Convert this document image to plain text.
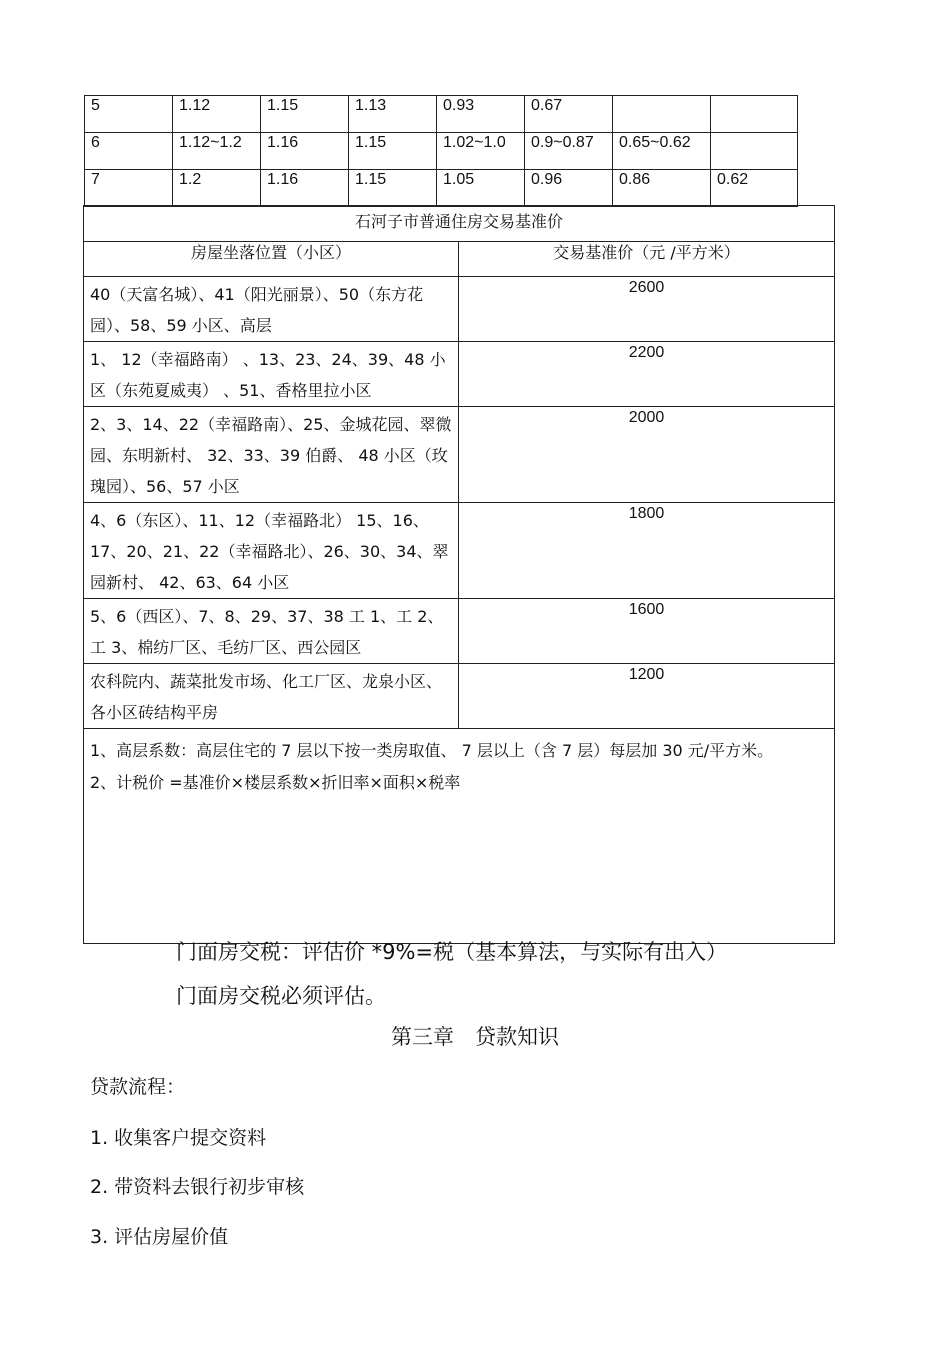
5	1.12	1.15	1.13	0.93	0.67		
6	1.12~1.2	1.16	1.15	1.02~1.0	0.9~0.87	0.65~0.62	
7	1.2	1.16	1.15	1.05	0.96	0.86	0.62
石河子市普通住房交易基准价	
房屋坐落位置（小区）	交易基准价（元 /平方米）
40（天富名城）、41（阳光丽景）、50（东方花园）、58、59 小区、高层	2600
1、 12（幸福路南） 、13、23、24、39、48 小区（东苑夏威夷） 、51、香格里拉小区	2200
2、3、14、22（幸福路南）、25、金城花园、翠微园、东明新村、 32、33、39 伯爵、 48 小区（玫瑰园）、56、57 小区	2000
4、6（东区）、11、12（幸福路北） 15、16、17、20、21、22（幸福路北）、26、30、34、翠园新村、 42、63、64 小区	1800
5、6（西区）、7、8、29、37、38 工 1、工 2、工 3、棉纺厂区、毛纺厂区、西公园区	1600
农科院内、蔬菜批发市场、化工厂区、龙泉小区、各小区砖结构平房	1200

1、高层系数：高层住宅的 7 层以下按一类房取值、 7 层以上（含 7 层）每层加 30 元/平方米。
2、计税价 =基准价×楼层系数×折旧率×面积×税率	
门面房交税：评估价 *9%=税（基本算法，与实际有出入）
门面房交税必须评估。
第三章　贷款知识
贷款流程：
1. 收集客户提交资料
2. 带资料去银行初步审核
3. 评估房屋价值
